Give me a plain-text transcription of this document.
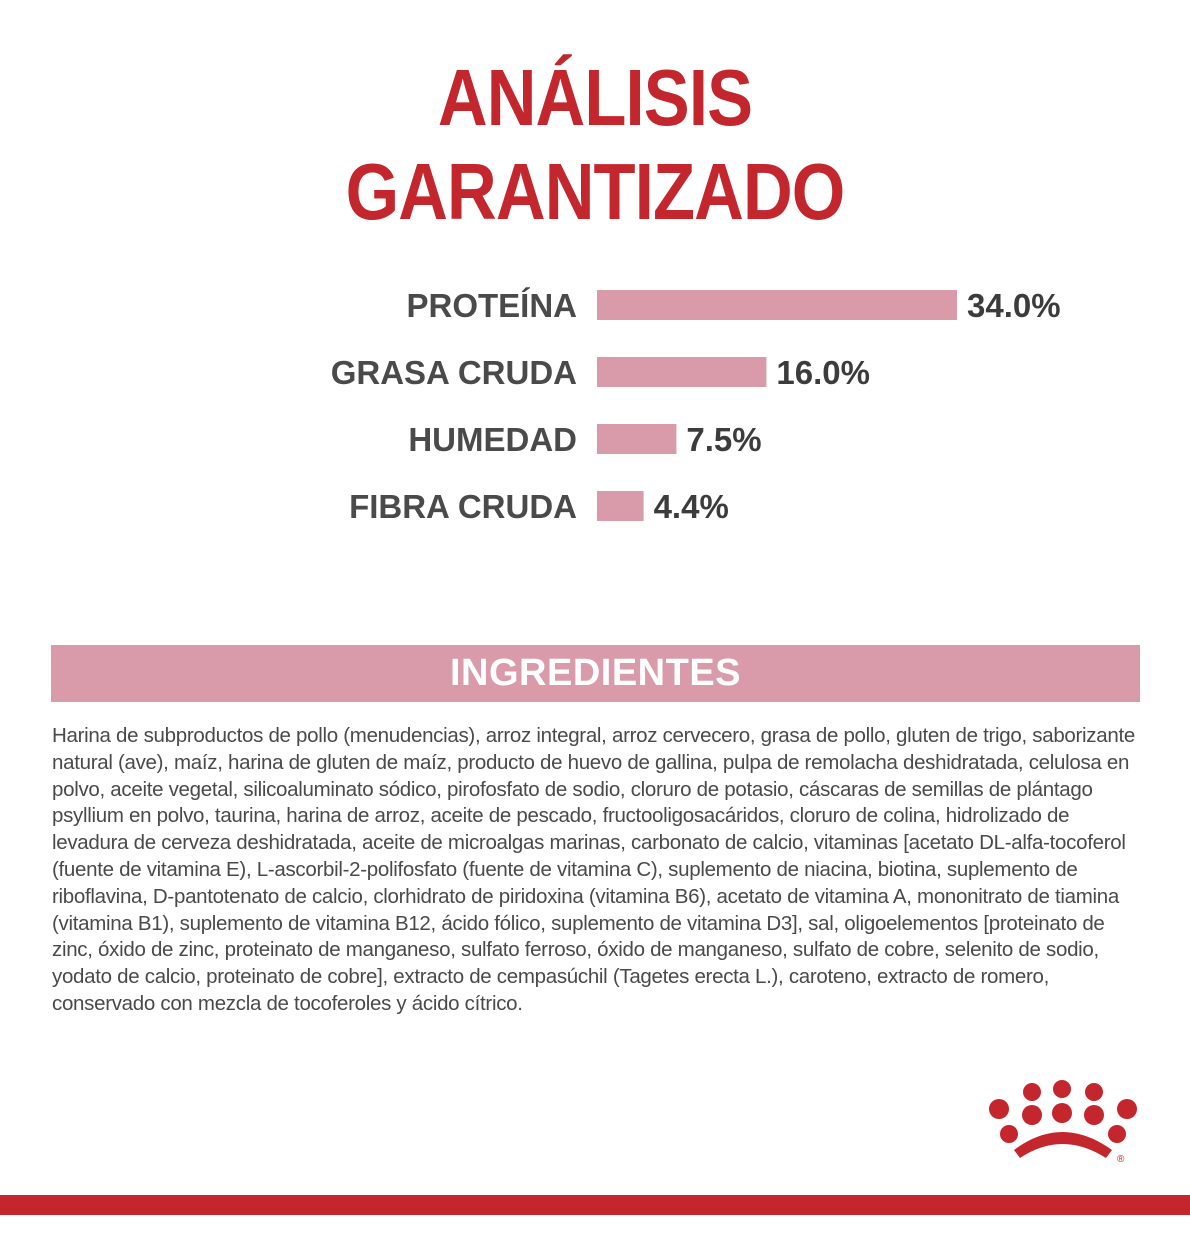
ANÁLISIS
GARANTIZADO
PROTEÍNA	34.0%
GRASA CRUDA	16.0%
HUMEDAD	7.5%
FIBRA CRUDA 4.4%
INGREDIENTES

Harina de subproductos de pollo (menudencias), arroz integral, arroz cervecero, grasa de pollo, gluten de trigo, saborizante natural (ave), maíz, harina de gluten de maíz, producto de huevo de gallina, pulpa de remolacha deshidratada, celulosa en polvo, aceite vegetal, silicoaluminato sódico, pirofosfato de sodio, cloruro de potasio, cáscaras de semillas de plántago psyllium en polvo, taurina, harina de arroz, aceite de pescado, fructooligosacáridos, cloruro de colina, hidrolizado de levadura de cerveza deshidratada, aceite de microalgas marinas, carbonato de calcio, vitaminas [acetato DL-alfa-tocoferol (fuente de vitamina E), L-ascorbil-2-polifosfato (fuente de vitamina C), suplemento de niacina, biotina, suplemento de riboflavina, D-pantotenato de calcio, clorhidrato de piridoxina (vitamina B6), acetato de vitamina A, mononitrato de tiamina (vitamina B1), suplemento de vitamina B12, ácido fólico, suplemento de vitamina D3], sal, oligoelementos [proteinato de zinc, óxido de zinc, proteinato de manganeso, sulfato ferroso, óxido de manganeso, sulfato de cobre, selenito de sodio, yodato de calcio, proteinato de cobre], extracto de cempasúchil (Tagetes erecta L.), caroteno, extracto de romero, conservado con mezcla de tocoferoles y ácido cítrico.

®
